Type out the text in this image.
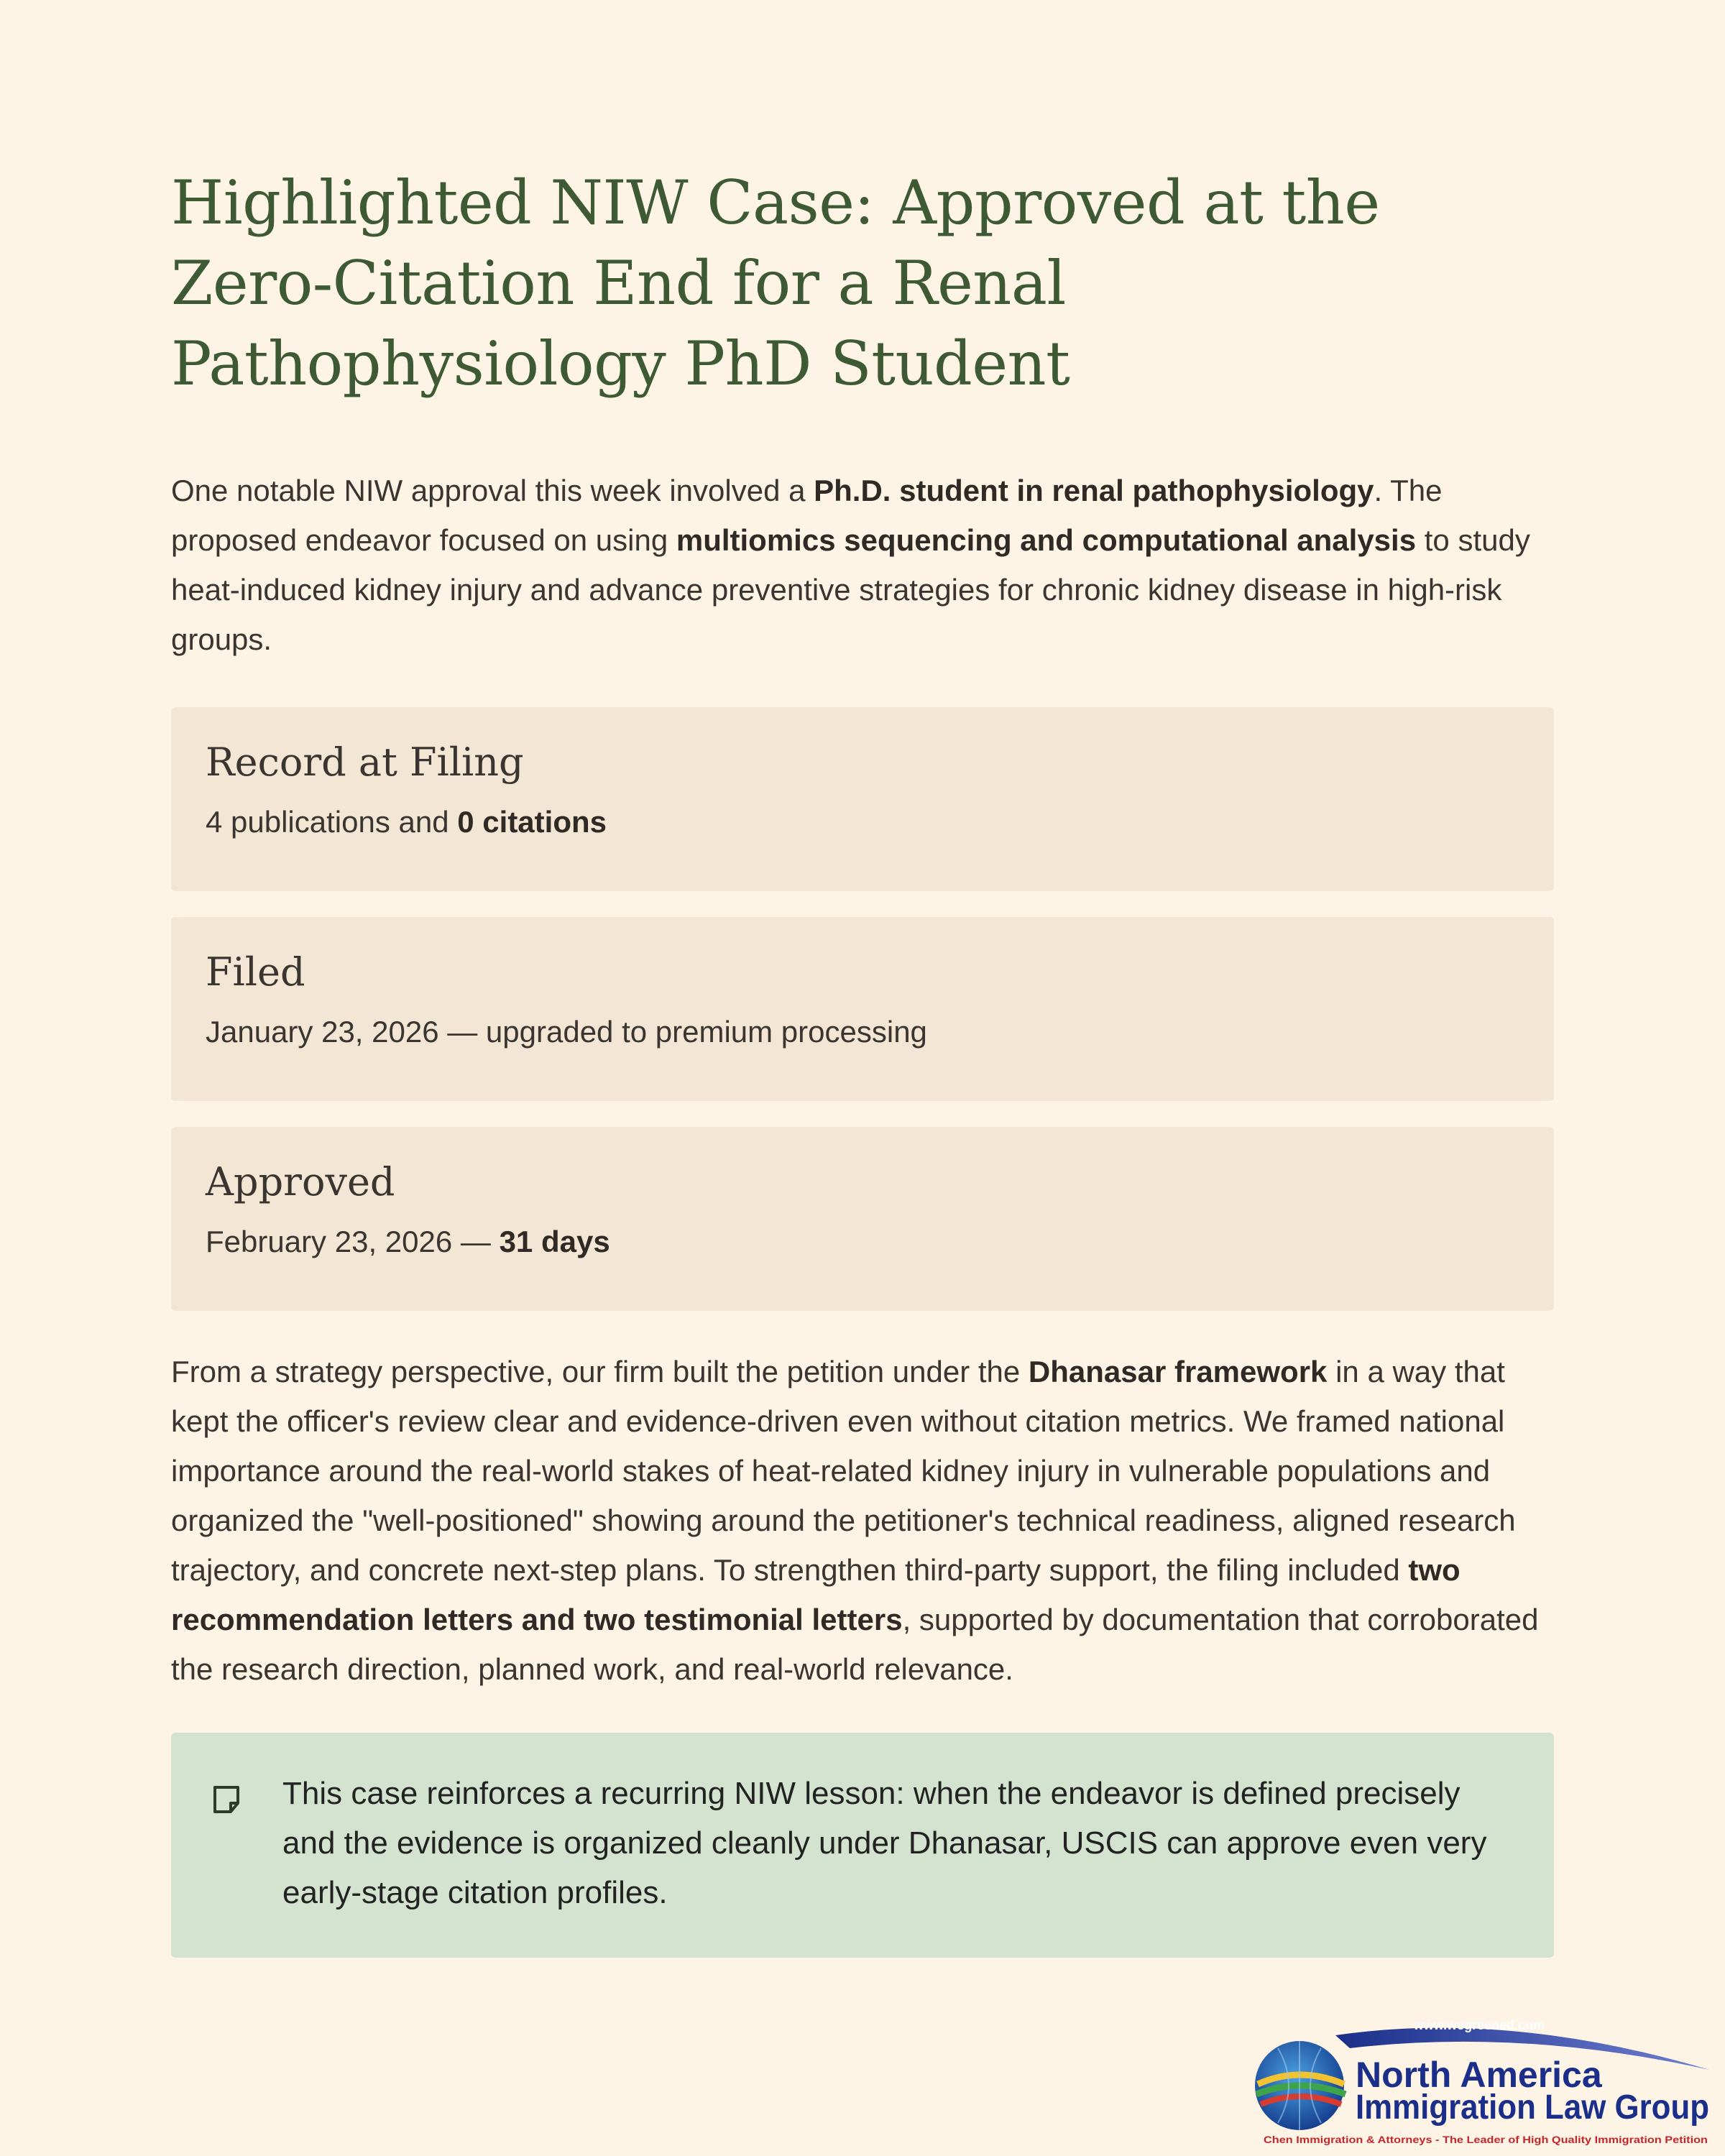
Highlighted NIW Case: Approved at the Zero-Citation End for a Renal Pathophysiology PhD Student

One notable NIW approval this week involved a Ph.D. student in renal pathophysiology. The proposed endeavor focused on using multiomics sequencing and computational analysis to study heat-induced kidney injury and advance preventive strategies for chronic kidney disease in high-risk groups.

Record at Filing
4 publications and 0 citations
Filed
January 23, 2026 — upgraded to premium processing
Approved
February 23, 2026 — 31 days

From a strategy perspective, our firm built the petition under the Dhanasar framework in a way that kept the officer's review clear and evidence-driven even without citation metrics. We framed national importance around the real-world stakes of heat-related kidney injury in vulnerable populations and organized the "well-positioned" showing around the petitioner's technical readiness, aligned research trajectory, and concrete next-step plans. To strengthen third-party support, the filing included two recommendation letters and two testimonial letters, supported by documentation that corroborated the research direction, planned work, and real-world relevance.

This case reinforces a recurring NIW lesson: when the endeavor is defined precisely and the evidence is organized cleanly under Dhanasar, USCIS can approve even very early-stage citation profiles.
www.wegreened.com
North America
Immigration Law Group
Chen Immigration & Attorneys - The Leader of High Quality Immigration Petition
